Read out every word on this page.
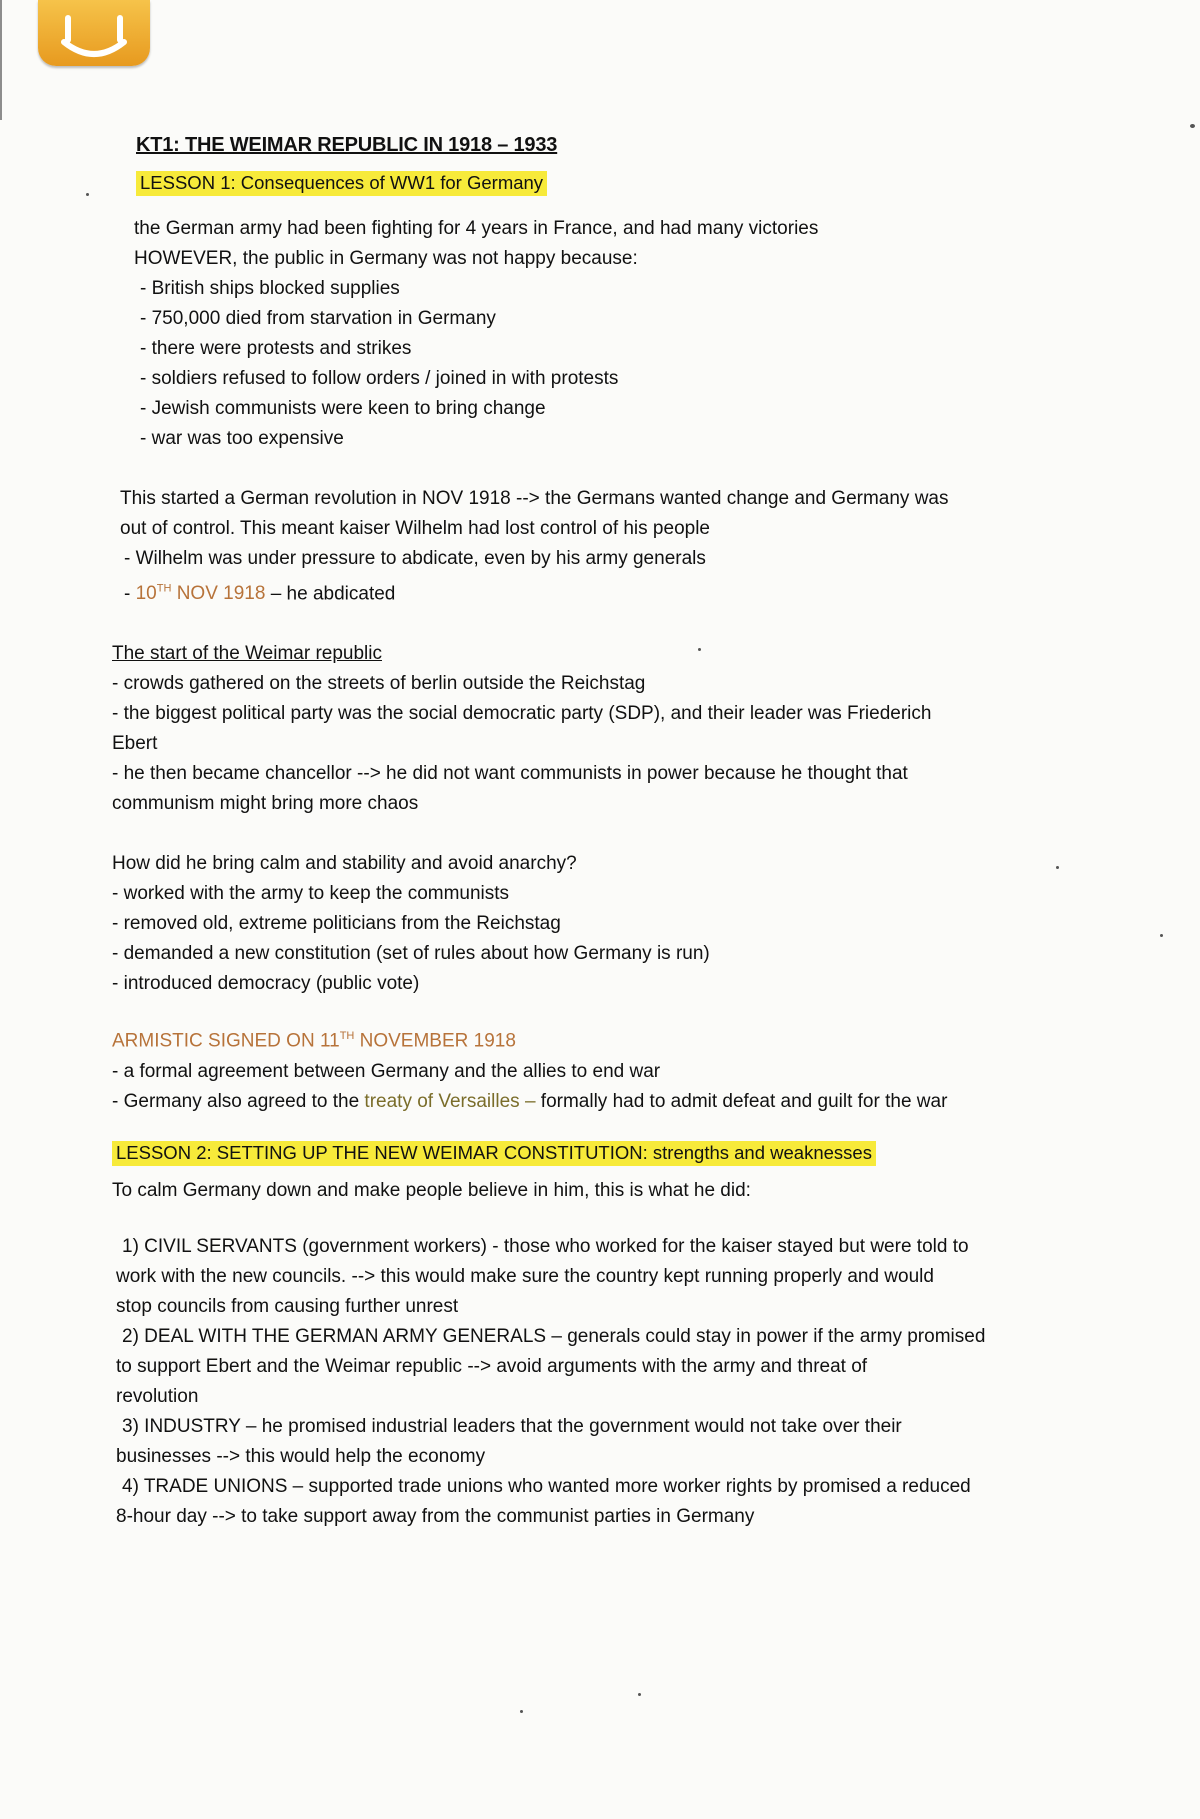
KT1: THE WEIMAR REPUBLIC IN 1918 – 1933
LESSON 1: Consequences of WW1 for Germany
the German army had been fighting for 4 years in France, and had many victories
HOWEVER, the public in Germany was not happy because:
- British ships blocked supplies
- 750,000 died from starvation in Germany
- there were protests and strikes
- soldiers refused to follow orders / joined in with protests
- Jewish communists were keen to bring change
- war was too expensive
This started a German revolution in NOV 1918 --> the Germans wanted change and Germany was
out of control. This meant kaiser Wilhelm had lost control of his people
- Wilhelm was under pressure to abdicate, even by his army generals
- 10TH NOV 1918 – he abdicated
The start of the Weimar republic
- crowds gathered on the streets of berlin outside the Reichstag
- the biggest political party was the social democratic party (SDP), and their leader was Friederich
Ebert
- he then became chancellor --> he did not want communists in power because he thought that
communism might bring more chaos
How did he bring calm and stability and avoid anarchy?
- worked with the army to keep the communists
- removed old, extreme politicians from the Reichstag
- demanded a new constitution (set of rules about how Germany is run)
- introduced democracy (public vote)
ARMISTIC SIGNED ON 11TH NOVEMBER 1918
- a formal agreement between Germany and the allies to end war
- Germany also agreed to the treaty of Versailles – formally had to admit defeat and guilt for the war
LESSON 2: SETTING UP THE NEW WEIMAR CONSTITUTION: strengths and weaknesses
To calm Germany down and make people believe in him, this is what he did:
1) CIVIL SERVANTS (government workers) - those who worked for the kaiser stayed but were told to
work with the new councils. --> this would make sure the country kept running properly and would
stop councils from causing further unrest
2) DEAL WITH THE GERMAN ARMY GENERALS – generals could stay in power if the army promised
to support Ebert and the Weimar republic --> avoid arguments with the army and threat of
revolution
3) INDUSTRY – he promised industrial leaders that the government would not take over their
businesses --> this would help the economy
4) TRADE UNIONS – supported trade unions who wanted more worker rights by promised a reduced
8-hour day --> to take support away from the communist parties in Germany
